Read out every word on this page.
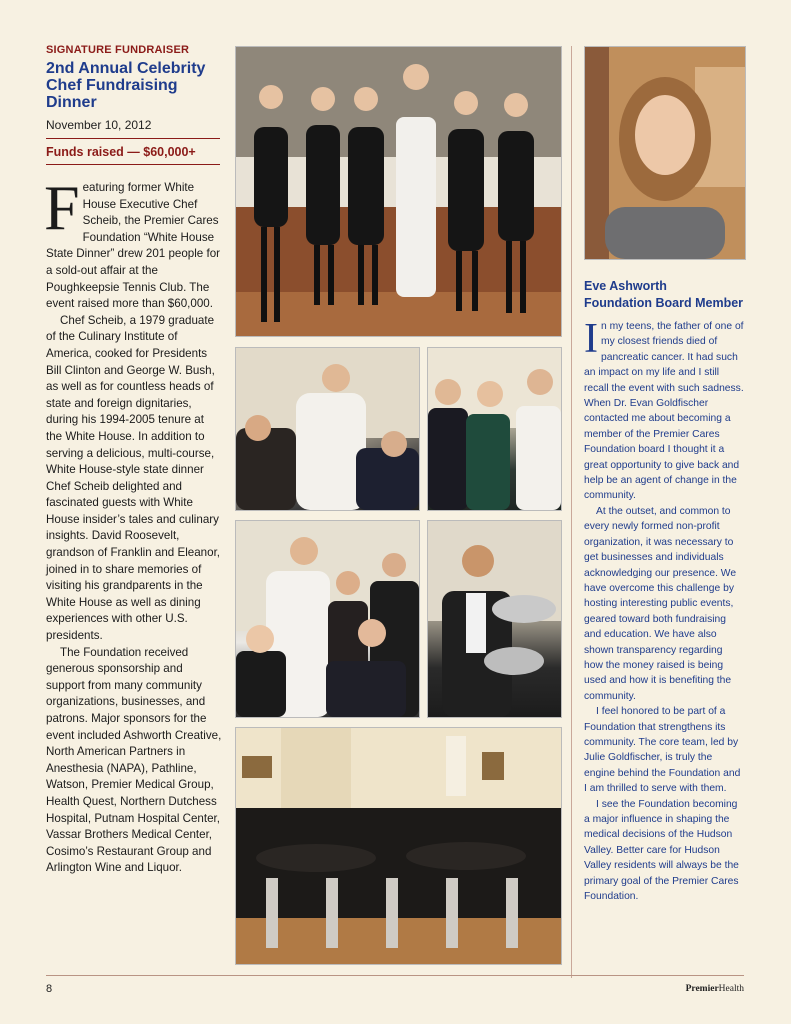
SIGNATURE FUNDRAISER
2nd Annual Celebrity Chef Fundraising Dinner
November 10, 2012
Funds raised — $60,000+

Featuring former White House Executive Chef Scheib, the Premier Cares Foundation “White House State Dinner” drew 201 people for a sold-out affair at the Poughkeepsie Tennis Club. The event raised more than $60,000.

Chef Scheib, a 1979 graduate of the Culinary Institute of America, cooked for Presidents Bill Clinton and George W. Bush, as well as for countless heads of state and foreign dignitaries, during his 1994-2005 tenure at the White House. In addition to serving a delicious, multi-course, White House-style state dinner Chef Scheib delighted and fascinated guests with White House insider’s tales and culinary insights. David Roosevelt, grandson of Franklin and Eleanor, joined in to share memories of visiting his grandparents in the White House as well as dining experiences with other U.S. presidents.

The Foundation received generous sponsorship and support from many community organizations, businesses, and patrons. Major sponsors for the event included Ashworth Creative, North American Partners in Anesthesia (NAPA), Pathline, Watson, Premier Medical Group, Health Quest, Northern Dutchess Hospital, Putnam Hospital Center, Vassar Brothers Medical Center, Cosimo’s Restaurant Group and Arlington Wine and Liquor.

Eve Ashworth
Foundation Board Member

In my teens, the father of one of my closest friends died of pancreatic cancer. It had such an impact on my life and I still recall the event with such sadness. When Dr. Evan Goldfischer contacted me about becoming a member of the Premier Cares Foundation board I thought it a great opportunity to give back and help be an agent of change in the community.

At the outset, and common to every newly formed non-profit organization, it was necessary to get businesses and individuals acknowledging our presence. We have overcome this challenge by hosting interesting public events, geared toward both fundraising and education. We have also shown transparency regarding how the money raised is being used and how it is benefiting the community.

I feel honored to be part of a Foundation that strengthens its community. The core team, led by Julie Goldfischer, is truly the engine behind the Foundation and I am thrilled to serve with them.

I see the Foundation becoming a major influence in shaping the medical decisions of the Hudson Valley. Better care for Hudson Valley residents will always be the primary goal of the Premier Cares Foundation.

8	PremierHealth
